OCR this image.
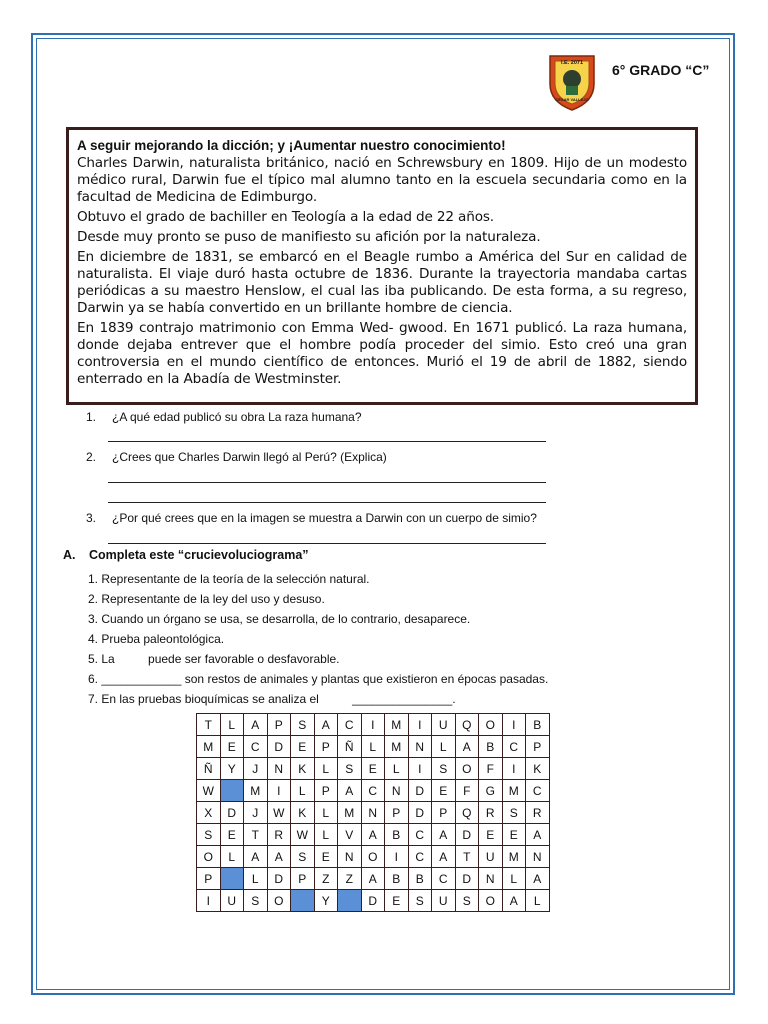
I.E. 2071
CÉSAR VALLEJO
6° GRADO “C”
A seguir mejorando la dicción; y ¡Aumentar nuestro conocimiento!

Charles Darwin, naturalista británico, nació en Schrewsbury en 1809. Hijo de un modesto médico rural, Darwin fue el típico mal alumno tanto en la escuela secundaria como en la facultad de Medicina de Edimburgo.

Obtuvo el grado de bachiller en Teología a la edad de 22 años.

Desde muy pronto se puso de manifiesto su afición por la naturaleza.

En diciembre de 1831, se embarcó en el Beagle rumbo a América del Sur en calidad de naturalista. El viaje duró hasta octubre de 1836. Durante la trayectoria mandaba cartas periódicas a su maestro Henslow, el cual las iba publicando. De esta forma, a su regreso, Darwin ya se había convertido en un brillante hombre de ciencia.

En 1839 contrajo matrimonio con Emma Wed- gwood. En 1671 publicó. La raza humana, donde dejaba entrever que el hombre podía proceder del simio. Esto creó una gran controversia en el mundo científico de entonces. Murió el 19 de abril de 1882, siendo enterrado en la Abadía de Westminster.

1. ¿A qué edad publicó su obra La raza humana?
2. ¿Crees que Charles Darwin llegó al Perú? (Explica)
3. ¿Por qué crees que en la imagen se muestra a Darwin con un cuerpo de simio?
A. Completa este “crucievoluciograma”
1. Representante de la teoría de la selección natural.
2. Representante de la ley del uso y desuso.
3. Cuando un órgano se usa, se desarrolla, de lo contrario, desaparece.
4. Prueba paleontológica.
5. La          puede ser favorable o desfavorable.
6. ____________ son restos de animales y plantas que existieron en épocas pasadas.
7. En las pruebas bioquímicas se analiza el          _______________.
T	L	A	P	S	A	C	I	M	I	U	Q	O	I	B
M	E	C	D	E	P	Ñ	L	M	N	L	A	B	C	P
Ñ	Y	J	N	K	L	S	E	L	I	S	O	F	I	K
W		M	I	L	P	A	C	N	D	E	F	G	M	C
X	D	J	W	K	L	M	N	P	D	P	Q	R	S	R
S	E	T	R	W	L	V	A	B	C	A	D	E	E	A
O	L	A	A	S	E	N	O	I	C	A	T	U	M	N
P		L	D	P	Z	Z	A	B	B	C	D	N	L	A
I	U	S	O		Y		D	E	S	U	S	O	A	L
